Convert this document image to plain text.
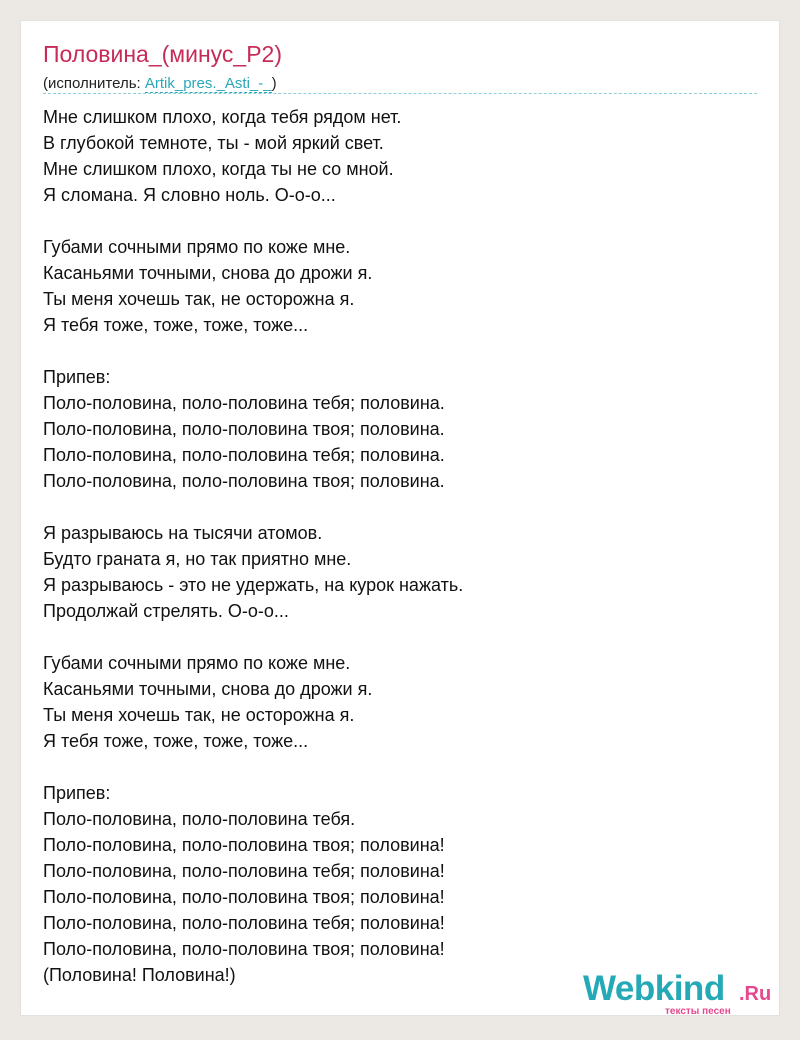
Половина_(минус_Р2)
(исполнитель: Artik_pres._Asti_-_)
Мне слишком плохо, когда тебя рядом нет.
В глубокой темноте, ты - мой яркий свет.
Мне слишком плохо, когда ты не со мной.
Я сломана. Я словно ноль. О-о-о...

Губами сочными прямо по коже мне.
Касаньями точными, снова до дрожи я.
Ты меня хочешь так, не осторожна я.
Я тебя тоже, тоже, тоже, тоже...

Припев:
Поло-половина, поло-половина тебя; половина.
Поло-половина, поло-половина твоя; половина.
Поло-половина, поло-половина тебя; половина.
Поло-половина, поло-половина твоя; половина.

Я разрываюсь на тысячи атомов.
Будто граната я, но так приятно мне.
Я разрываюсь - это не удержать, на курок нажать.
Продолжай стрелять. О-о-о...

Губами сочными прямо по коже мне.
Касаньями точными, снова до дрожи я.
Ты меня хочешь так, не осторожна я.
Я тебя тоже, тоже, тоже, тоже...

Припев:
Поло-половина, поло-половина тебя.
Поло-половина, поло-половина твоя; половина!
Поло-половина, поло-половина тебя; половина!
Поло-половина, поло-половина твоя; половина!
Поло-половина, поло-половина тебя; половина!
Поло-половина, поло-половина твоя; половина!
(Половина! Половина!)	Webkind .Ru
тексты песен
